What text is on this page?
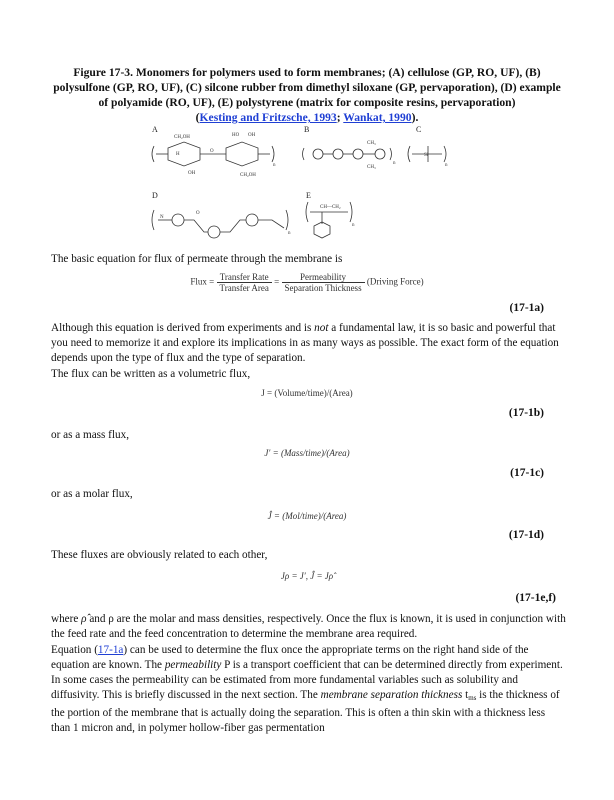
Figure 17-3. Monomers for polymers used to form membranes; (A) cellulose (GP, RO, UF), (B) polysulfone (GP, RO, UF), (C) silcone rubber from dimethyl siloxane (GP, pervaporation), (D) example of polyamide (RO, UF), (E) polystyrene (matrix for composite resins, pervaporation)
(Kesting and Fritzsche, 1993; Wankat, 1990).
A	B	C
D	E
CH₂OH	HO OH
OH	CH₂OH
O
H
n
CH₃
CH₃
n
Si
n
N
O
n
CH—CH₂
n
The basic equation for flux of permeate through the membrane is
Flux = $\frac{\text{Transfer Rate}}{\text{Transfer Area}} = \frac{\text{Permeability}}{\text{Separation Thickness}}$ (Driving Force)
(17-1a)
Although this equation is derived from experiments and is not a fundamental law, it is so basic and powerful that you need to memorize it and explore its implications in as many ways as possible. The exact form of the equation depends upon the type of flux and the type of separation.
The flux can be written as a volumetric flux,
J = (Volume/time)/(Area)
(17-1b)
or as a mass flux,
J′ = (Mass/time)/(Area)
(17-1c)
or as a molar flux,
Ĵ = (Mol/time)/(Area)
(17-1d)
These fluxes are obviously related to each other,
Jρ = J′, Ĵ = Jρ̂
(17-1e,f)
where ρ̂ and ρ are the molar and mass densities, respectively. Once the flux is known, it is used in conjunction with the feed rate and the feed concentration to determine the membrane area required.
Equation (17-1a) can be used to determine the flux once the appropriate terms on the right hand side of the equation are known. The permeability P is a transport coefficient that can be determined directly from experiment. In some cases the permeability can be estimated from more fundamental variables such as solubility and diffusivity. This is briefly discussed in the next section. The membrane separation thickness $t_{ms}$ is the thickness of the portion of the membrane that is actually doing the separation. This is often a thin skin with a thickness less than 1 micron and, in polymer hollow-fiber gas permentation
